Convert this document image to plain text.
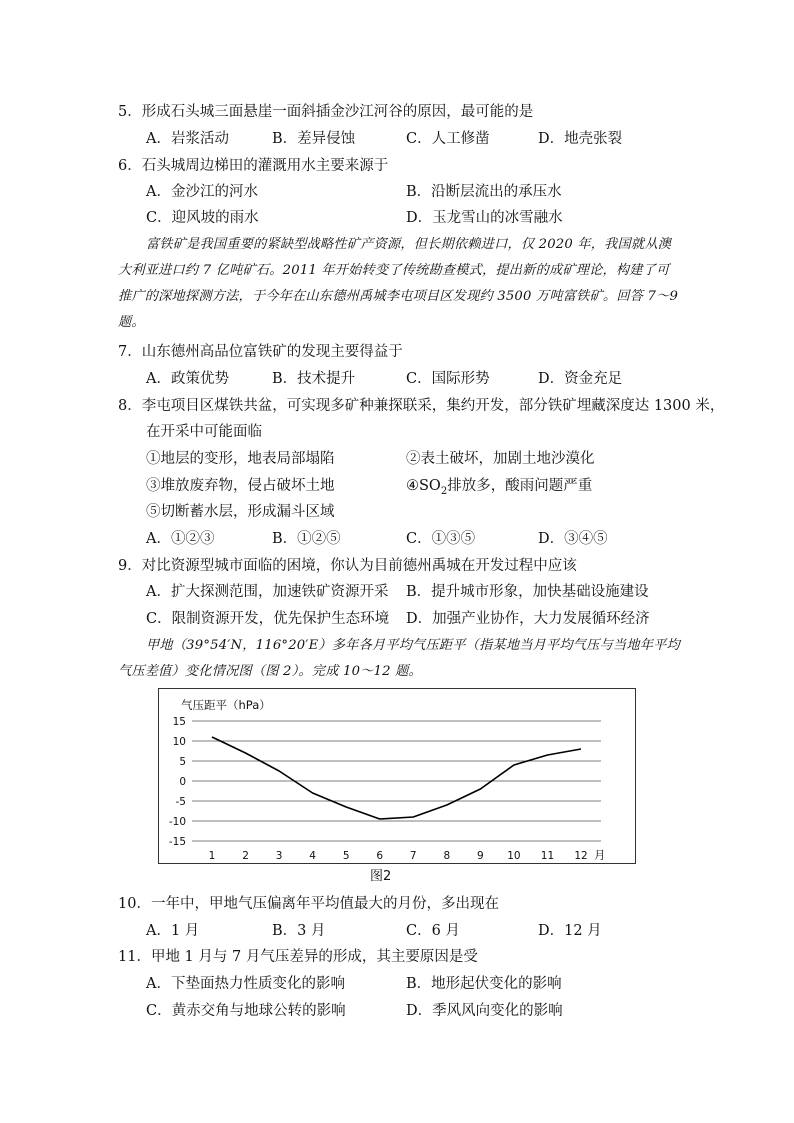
5．形成石头城三面悬崖一面斜插金沙江河谷的原因，最可能的是
A．岩浆活动	B．差异侵蚀	C．人工修凿	D．地壳张裂
6．石头城周边梯田的灌溉用水主要来源于
A．金沙江的河水	B．沿断层流出的承压水
C．迎风坡的雨水	D．玉龙雪山的冰雪融水
富铁矿是我国重要的紧缺型战略性矿产资源，但长期依赖进口，仅 2020 年，我国就从澳
大利亚进口约 7 亿吨矿石。2011 年开始转变了传统勘查模式，提出新的成矿理论，构建了可
推广的深地探测方法，于今年在山东德州禹城李屯项目区发现约 3500 万吨富铁矿。回答 7～9
题。
7．山东德州高品位富铁矿的发现主要得益于
A．政策优势	B．技术提升	C．国际形势	D．资金充足
8．李屯项目区煤铁共盆，可实现多矿种兼探联采，集约开发，部分铁矿埋藏深度达 1300 米，
在开采中可能面临
①地层的变形，地表局部塌陷	②表土破坏，加剧土地沙漠化
③堆放废弃物，侵占破坏土地	$④SO_2$排放多，酸雨问题严重
⑤切断蓄水层，形成漏斗区域
A．①②③	B．①②⑤	C．①③⑤	D．③④⑤
9．对比资源型城市面临的困境，你认为目前德州禹城在开发过程中应该
A．扩大探测范围，加速铁矿资源开采 B．提升城市形象，加快基础设施建设
C．限制资源开发，优先保护生态环境 D．加强产业协作，大力发展循环经济
甲地（39°54′N，116°20′E）多年各月平均气压距平（指某地当月平均气压与当地年平均
气压差值）变化情况图（图 2）。完成 10～12 题。
气压距平（hPa）
15
10
5
0
-5
-10
-15
1	2	3	4	5	6	7	8	9 10 11 12 月
图2
10．一年中，甲地气压偏离年平均值最大的月份，多出现在
A．1 月	B．3 月	C．6 月	D．12 月
11．甲地 1 月与 7 月气压差异的形成，其主要原因是受
A．下垫面热力性质变化的影响	B．地形起伏变化的影响
C．黄赤交角与地球公转的影响	D．季风风向变化的影响
